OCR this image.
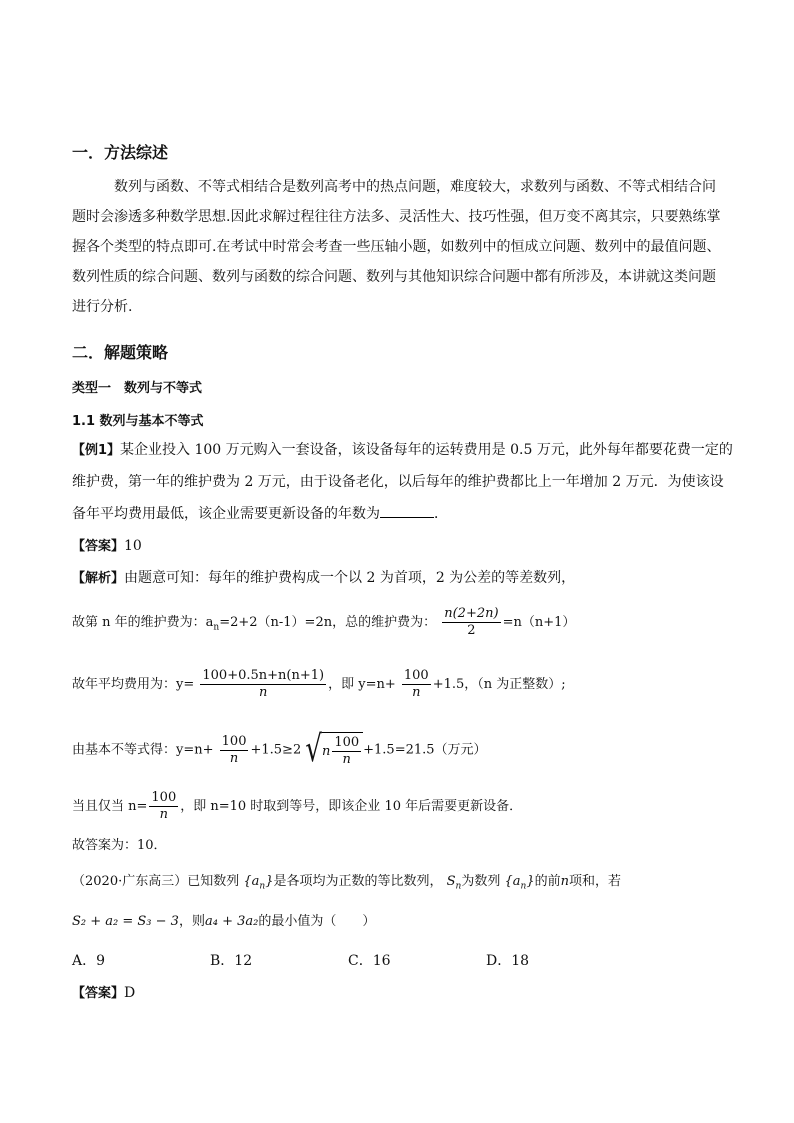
一．方法综述
数列与函数、不等式相结合是数列高考中的热点问题，难度较大，求数列与函数、不等式相结合问
题时会渗透多种数学思想.因此求解过程往往方法多、灵活性大、技巧性强，但万变不离其宗，只要熟练掌
握各个类型的特点即可.在考试中时常会考查一些压轴小题，如数列中的恒成立问题、数列中的最值问题、
数列性质的综合问题、数列与函数的综合问题、数列与其他知识综合问题中都有所涉及，本讲就这类问题
进行分析.
二．解题策略
类型一　数列与不等式
1.1 数列与基本不等式
【例1】某企业投入 100 万元购入一套设备，该设备每年的运转费用是 0.5 万元，此外每年都要花费一定的
维护费，第一年的维护费为 2 万元，由于设备老化，以后每年的维护费都比上一年增加 2 万元．为使该设
备年平均费用最低，该企业需要更新设备的年数为	．
【答案】10
【解析】由题意可知：每年的维护费构成一个以 2 为首项，2 为公差的等差数列，
故第 n 年的维护费为：$a_n=2+2(n-1)=2n$，总的维护费为： $\frac{n(2+2n)}{2} =n(n+1)$
故年平均费用为：$y= \frac{100+0.5n+n(n+1)}{n}$ ，即 $y=n+ \frac{100}{n} +1.5$，（n 为正整数）;
由基本不等式得：$y=n+ \frac{100}{n} +1.5\ge 2$ $√n \frac{100}{n} +1.5=21.5$（万元）
当且仅当 $n= \frac{100}{n}$ ，即 n=10 时取到等号，即该企业 10 年后需要更新设备．
故答案为：10．
（2020·广东高三）已知数列 $\{a_n\}$是各项均为正数的等比数列， $S_n$为数列 $\{a_n\}$的前n项和，若
S₂ + a₂ = S₃ − 3，则a₄ + 3a₂的最小值为（　　）
A．9	B．12	C．16	D．18
【答案】D
